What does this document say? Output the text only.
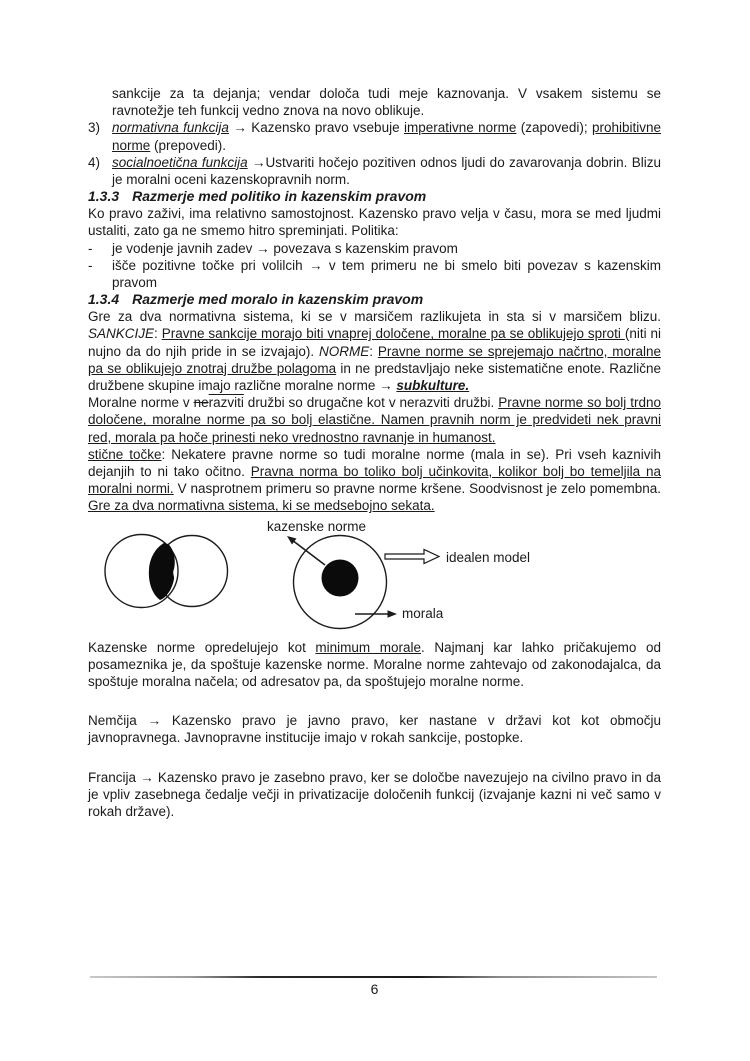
sankcije za ta dejanja; vendar določa tudi meje kaznovanja. V vsakem sistemu se ravnotežje teh funkcij vedno znova na novo oblikuje.

3) normativna funkcija → Kazensko pravo vsebuje imperativne norme (zapovedi); prohibitivne norme (prepovedi).
4) socialnoetična funkcija →Ustvariti hočejo pozitiven odnos ljudi do zavarovanja dobrin. Blizu je moralni oceni kazenskopravnih norm.
1.3.3 Razmerje med politiko in kazenskim pravom

Ko pravo zaživi, ima relativno samostojnost. Kazensko pravo velja v času, mora se med ljudmi ustaliti, zato ga ne smemo hitro spreminjati. Politika:

-	je vodenje javnih zadev → povezava s kazenskim pravom
-	išče pozitivne točke pri volilcih → v tem primeru ne bi smelo biti povezav s kazenskim pravom
1.3.4 Razmerje med moralo in kazenskim pravom

Gre za dva normativna sistema, ki se v marsičem razlikujeta in sta si v marsičem blizu. SANKCIJE: Pravne sankcije morajo biti vnaprej določene, moralne pa se oblikujejo sproti (niti ni nujno da do njih pride in se izvajajo). NORME: Pravne norme se sprejemajo načrtno, moralne pa se oblikujejo znotraj družbe polagoma in ne predstavljajo neke sistematične enote. Različne družbene skupine imajo različne moralne norme → subkulture.

Moralne norme v nerazviti družbi so drugačne kot v nerazviti družbi. Pravne norme so bolj trdno določene, moralne norme pa so bolj elastične. Namen pravnih norm je predvideti nek pravni red, morala pa hoče prinesti neko vrednostno ravnanje in humanost.

stične točke: Nekatere pravne norme so tudi moralne norme (mala in se). Pri vseh kaznivih dejanjih to ni tako očitno. Pravna norma bo toliko bolj učinkovita, kolikor bolj bo temeljila na moralni normi. V nasprotnem primeru so pravne norme kršene. Soodvisnost je zelo pomembna. Gre za dva normativna sistema, ki se medsebojno sekata.

kazenske norme
idealen model
morala

Kazenske norme opredelujejo kot minimum morale. Najmanj kar lahko pričakujemo od posameznika je, da spoštuje kazenske norme. Moralne norme zahtevajo od zakonodajalca, da spoštuje moralna načela; od adresatov pa, da spoštujejo moralne norme.

Nemčija → Kazensko pravo je javno pravo, ker nastane v državi kot kot območju javnopravnega. Javnopravne institucije imajo v rokah sankcije, postopke.

Francija → Kazensko pravo je zasebno pravo, ker se določbe navezujejo na civilno pravo in da je vpliv zasebnega čedalje večji in privatizacije določenih funkcij (izvajanje kazni ni več samo v rokah države).

6
